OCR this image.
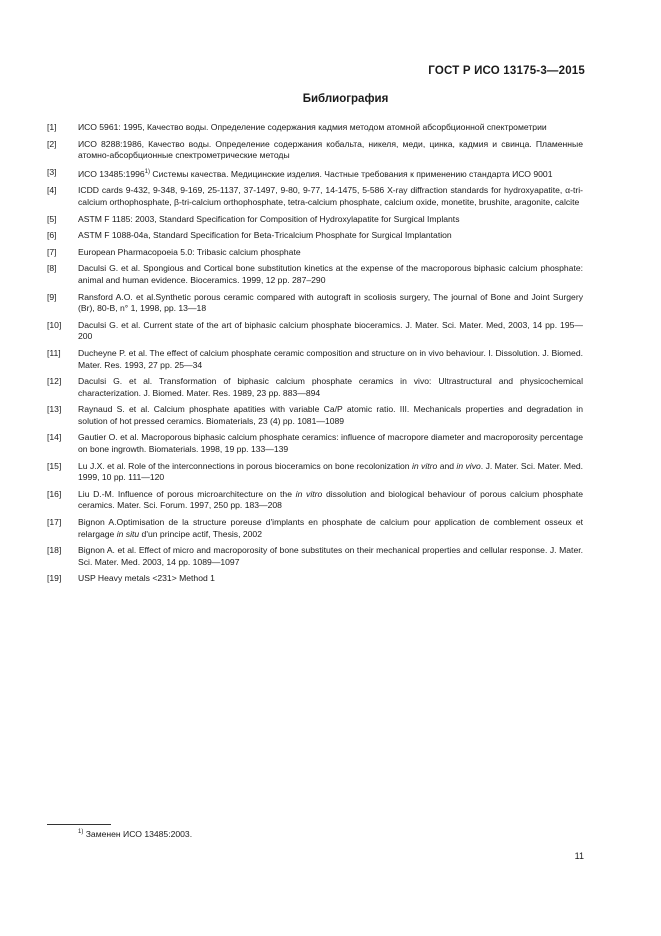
ГОСТ Р ИСО 13175-3—2015
Библиография
[1]	ИСО 5961: 1995, Качество воды. Определение содержания кадмия методом атомной абсорбционной спектрометрии
[2]	ИСО 8288:1986, Качество воды. Определение содержания кобальта, никеля, меди, цинка, кадмия и свинца. Пламенные атомно-абсорбционные спектрометрические методы
[3]	ИСО 13485:1996$^{1)}$ Системы качества. Медицинские изделия. Частные требования к применению стандарта ИСО 9001
[4]	ICDD cards 9-432, 9-348, 9-169, 25-1137, 37-1497, 9-80, 9-77, 14-1475, 5-586 X-ray diffraction standards for hydroxyapatite, α-tri-calcium orthophosphate, β-tri-calcium orthophosphate, tetra-calcium phosphate, calcium oxide, monetite, brushite, aragonite, calcite
[5]	ASTM F 1185: 2003, Standard Specification for Composition of Hydroxylapatite for Surgical Implants
[6]	ASTM F 1088-04a, Standard Specification for Beta-Tricalcium Phosphate for Surgical Implantation
[7]	European Pharmacopoeia 5.0: Tribasic calcium phosphate
[8]	Daculsi G. et al. Spongious and Cortical bone substitution kinetics at the expense of the macroporous biphasic calcium phosphate: animal and human evidence. Bioceramics. 1999, 12 pp. 287–290
[9]	Ransford A.O. et al.Synthetic porous ceramic compared with autograft in scoliosis surgery, The journal of Bone and Joint Surgery (Br), 80-B, n° 1, 1998, pp. 13—18
[10]	Daculsi G. et al. Current state of the art of biphasic calcium phosphate bioceramics. J. Mater. Sci. Mater. Med, 2003, 14 pp. 195—200
[11]	Ducheyne P. et al. The effect of calcium phosphate ceramic composition and structure on in vivo behaviour. I. Dissolution. J. Biomed. Mater. Res. 1993, 27 pp. 25—34
[12]	Daculsi G. et al. Transformation of biphasic calcium phosphate ceramics in vivo: Ultrastructural and physicochemical characterization. J. Biomed. Mater. Res. 1989, 23 pp. 883—894
[13]	Raynaud S. et al. Calcium phosphate apatities with variable Ca/P atomic ratio. III. Mechanicals properties and degradation in solution of hot pressed ceramics. Biomaterials, 23 (4) pp. 1081—1089
[14]	Gautier O. et al. Macroporous biphasic calcium phosphate ceramics: influence of macropore diameter and macroporosity percentage on bone ingrowth. Biomaterials. 1998, 19 pp. 133—139
[15]	Lu J.X. et al. Role of the interconnections in porous bioceramics on bone recolonization in vitro and in vivo. J. Mater. Sci. Mater. Med. 1999, 10 pp. 111—120
[16]	Liu D.-M. Influence of porous microarchitecture on the in vitro dissolution and biological behaviour of porous calcium phosphate ceramics. Mater. Sci. Forum. 1997, 250 pp. 183—208
[17]	Bignon A.Optimisation de la structure poreuse d'implants en phosphate de calcium pour application de comblement osseux et relargage in situ d'un principe actif, Thesis, 2002
[18]	Bignon A. et al. Effect of micro and macroporosity of bone substitutes on their mechanical properties and cellular response. J. Mater. Sci. Mater. Med. 2003, 14 pp. 1089—1097
[19]	USP Heavy metals <231> Method 1
$^{1)}$ Заменен ИСО 13485:2003.
11
